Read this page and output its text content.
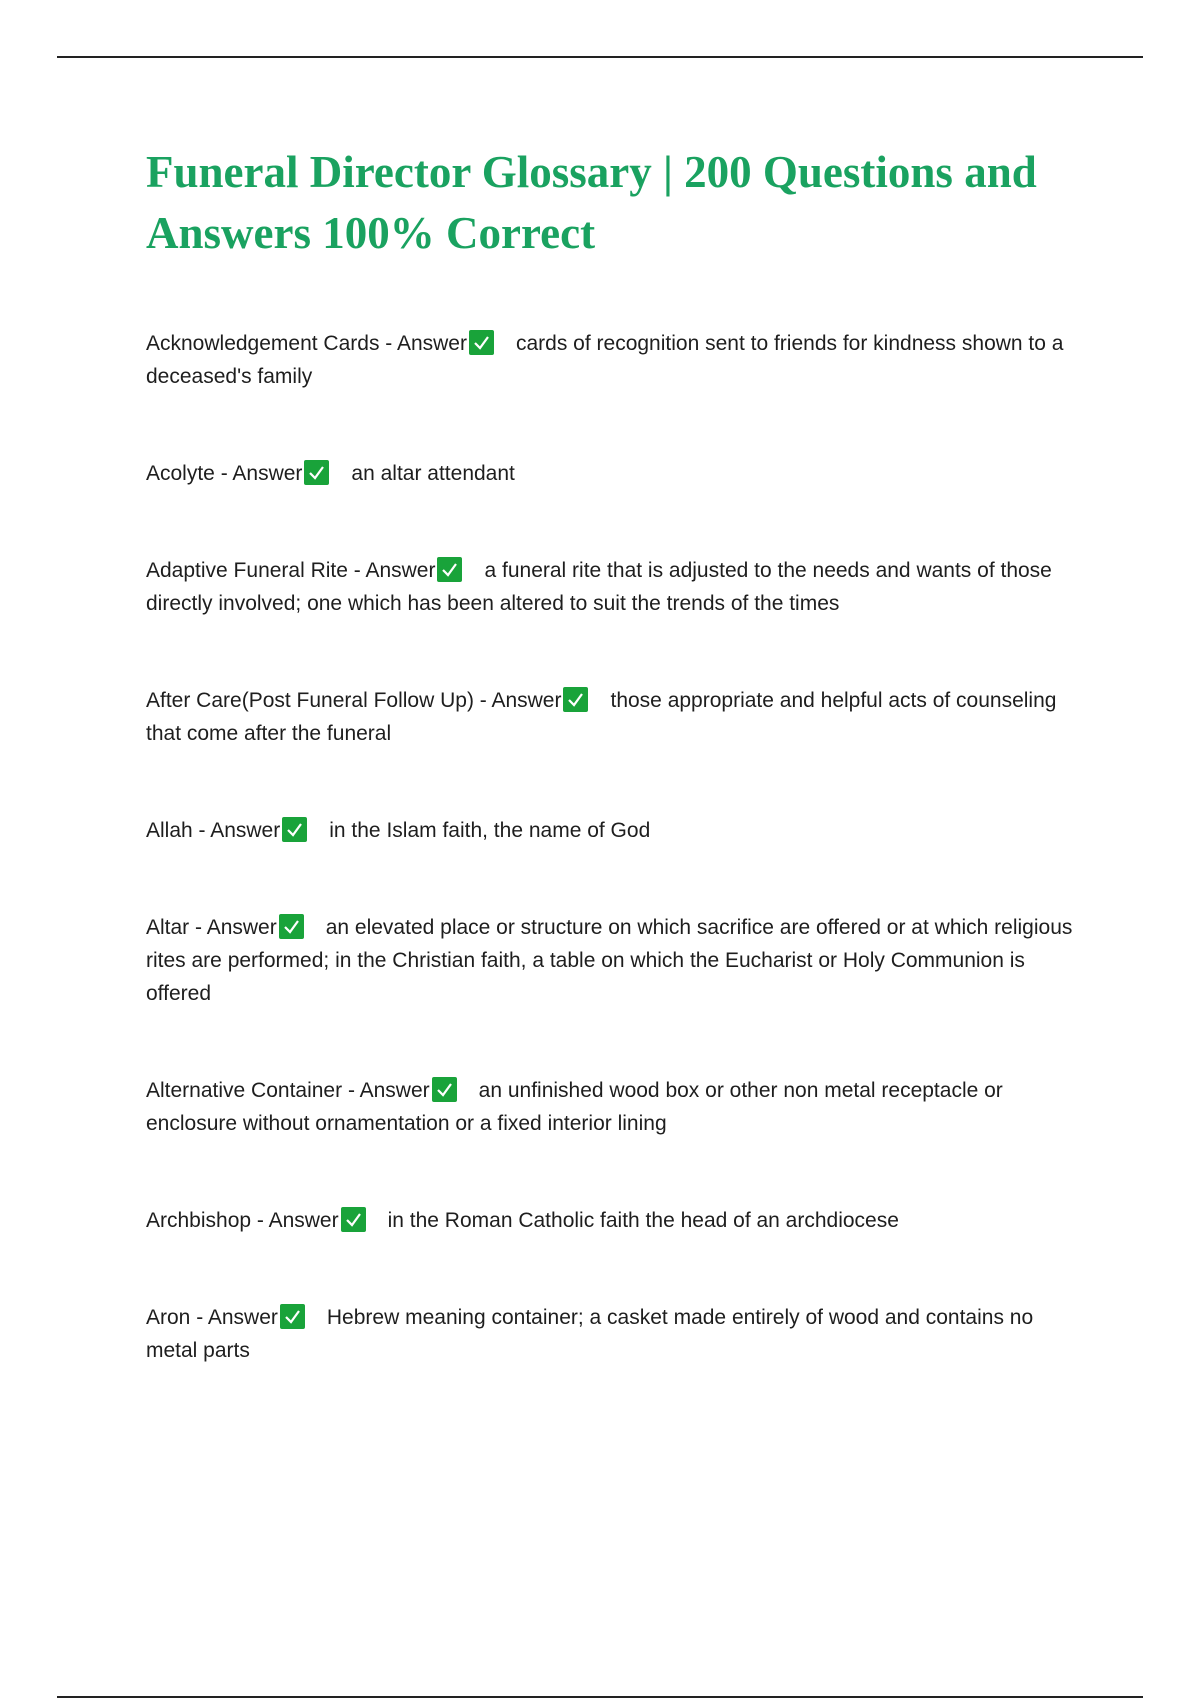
Funeral Director Glossary | 200 Questions and Answers 100% Correct

Acknowledgement Cards - Answer cards of recognition sent to friends for kindness shown to a deceased's family

Acolyte - Answer an altar attendant

Adaptive Funeral Rite - Answer a funeral rite that is adjusted to the needs and wants of those directly involved; one which has been altered to suit the trends of the times

After Care(Post Funeral Follow Up) - Answer those appropriate and helpful acts of counseling that come after the funeral

Allah - Answer in the Islam faith, the name of God

Altar - Answer an elevated place or structure on which sacrifice are offered or at which religious rites are performed; in the Christian faith, a table on which the Eucharist or Holy Communion is offered

Alternative Container - Answer an unfinished wood box or other non metal receptacle or enclosure without ornamentation or a fixed interior lining

Archbishop - Answer in the Roman Catholic faith the head of an archdiocese

Aron - Answer Hebrew meaning container; a casket made entirely of wood and contains no metal parts
